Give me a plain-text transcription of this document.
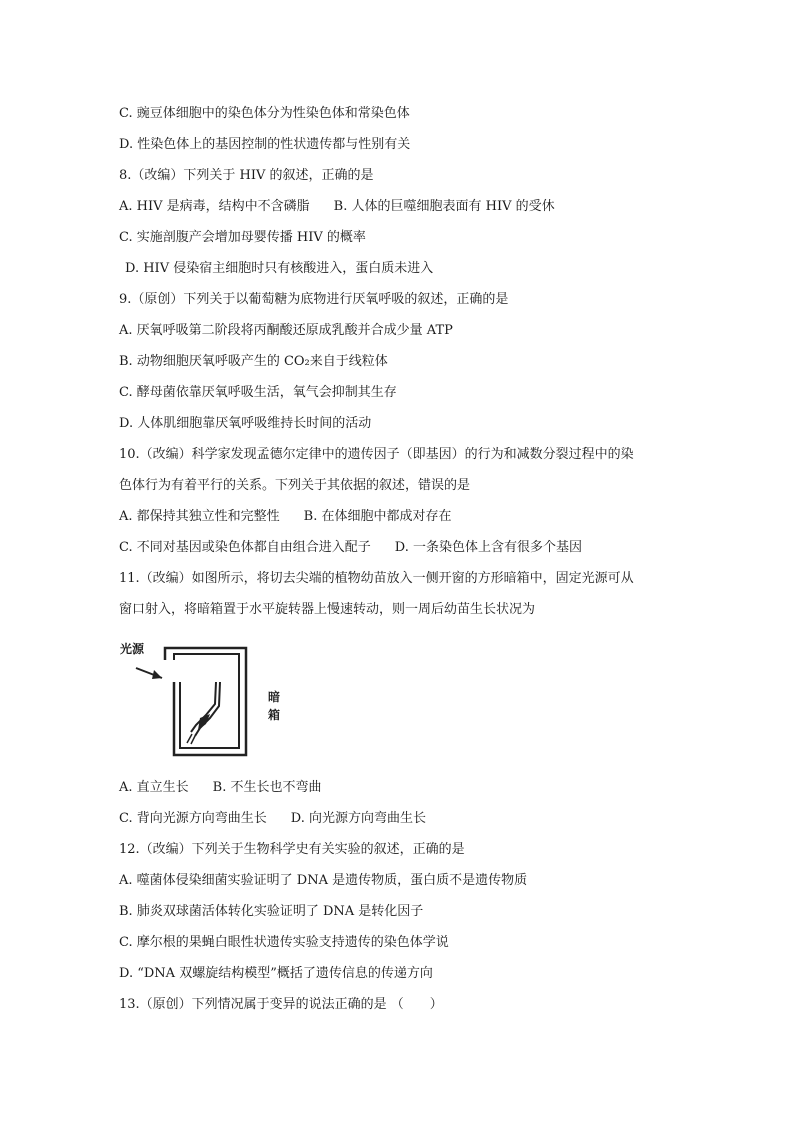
C. 豌豆体细胞中的染色体分为性染色体和常染色体
D. 性染色体上的基因控制的性状遗传都与性别有关
8.（改编）下列关于 HIV 的叙述，正确的是
A. HIV 是病毒，结构中不含磷脂 B. 人体的巨噬细胞表面有 HIV 的受休
C. 实施剖腹产会增加母婴传播 HIV 的概率
D. HIV 侵染宿主细胞时只有核酸进入，蛋白质未进入
9.（原创）下列关于以葡萄糖为底物进行厌氧呼吸的叙述，正确的是
A. 厌氧呼吸第二阶段将丙酮酸还原成乳酸并合成少量 ATP
B. 动物细胞厌氧呼吸产生的 CO₂来自于线粒体
C. 酵母菌依靠厌氧呼吸生活，氧气会抑制其生存
D. 人体肌细胞靠厌氧呼吸维持长时间的活动
10.（改编）科学家发现孟德尔定律中的遗传因子（即基因）的行为和减数分裂过程中的染
色体行为有着平行的关系。下列关于其依据的叙述，错误的是
A. 都保持其独立性和完整性 B. 在体细胞中都成对存在
C. 不同对基因或染色体都自由组合进入配子 D. 一条染色体上含有很多个基因
11.（改编）如图所示，将切去尖端的植物幼苗放入一侧开窗的方形暗箱中，固定光源可从
窗口射入，将暗箱置于水平旋转器上慢速转动，则一周后幼苗生长状况为
光源
暗
箱
A. 直立生长 B. 不生长也不弯曲
C. 背向光源方向弯曲生长 D. 向光源方向弯曲生长
12.（改编）下列关于生物科学史有关实验的叙述，正确的是
A. 噬菌体侵染细菌实验证明了 DNA 是遗传物质，蛋白质不是遗传物质
B. 肺炎双球菌活体转化实验证明了 DNA 是转化因子
C. 摩尔根的果蝇白眼性状遗传实验支持遗传的染色体学说
D. “DNA 双螺旋结构模型”概括了遗传信息的传递方向
13.（原创）下列情况属于变异的说法正确的是 （　　）
